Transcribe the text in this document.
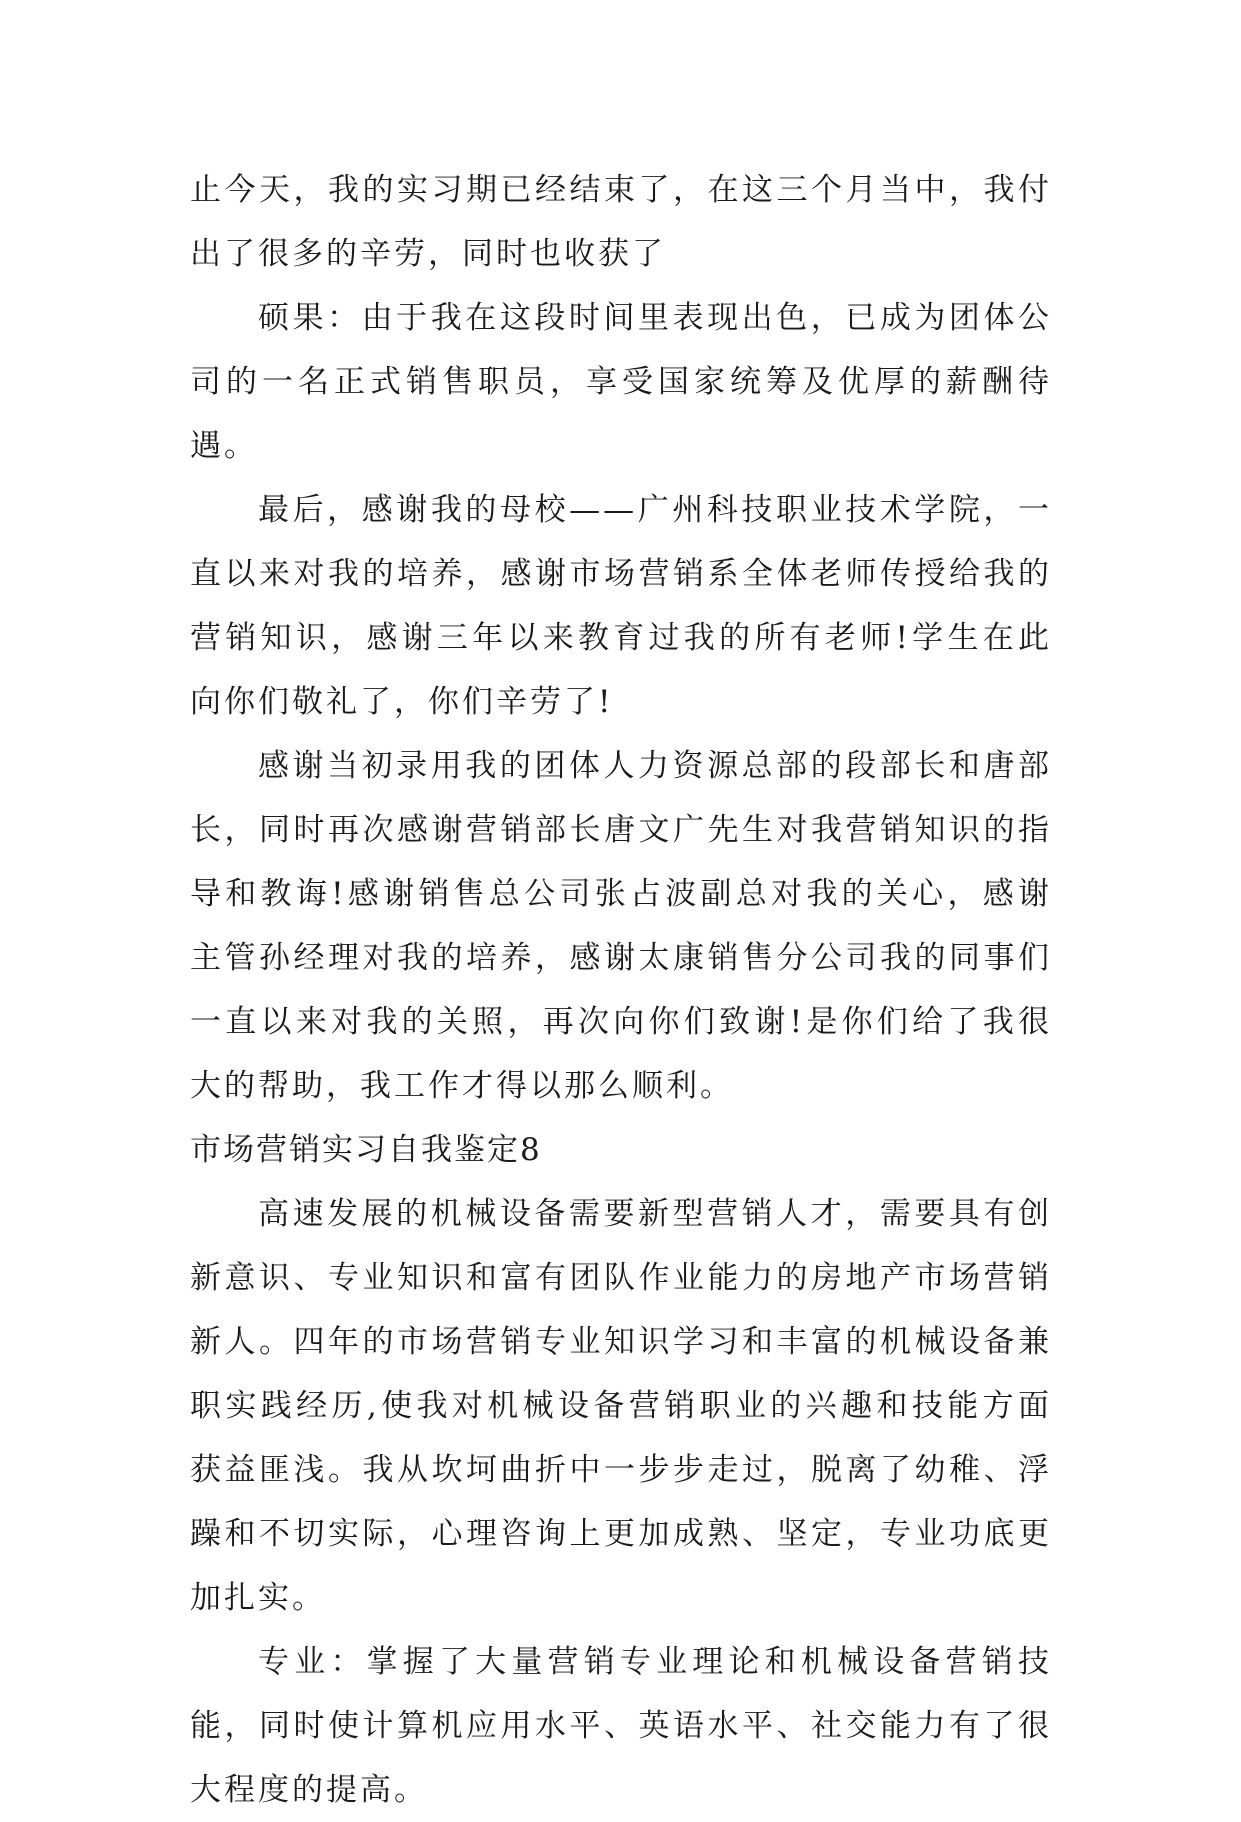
止今天，我的实习期已经结束了，在这三个月当中，我付出了很多的辛劳，同时也收获了

硕果：由于我在这段时间里表现出色，已成为团体公司的一名正式销售职员，享受国家统筹及优厚的薪酬待遇。

最后，感谢我的母校——广州科技职业技术学院，一直以来对我的培养，感谢市场营销系全体老师传授给我的营销知识，感谢三年以来教育过我的所有老师!学生在此向你们敬礼了，你们辛劳了!

感谢当初录用我的团体人力资源总部的段部长和唐部长，同时再次感谢营销部长唐文广先生对我营销知识的指导和教诲!感谢销售总公司张占波副总对我的关心，感谢主管孙经理对我的培养，感谢太康销售分公司我的同事们一直以来对我的关照，再次向你们致谢!是你们给了我很大的帮助，我工作才得以那么顺利。

市场营销实习自我鉴定8

高速发展的机械设备需要新型营销人才，需要具有创新意识、专业知识和富有团队作业能力的房地产市场营销新人。四年的市场营销专业知识学习和丰富的机械设备兼职实践经历,使我对机械设备营销职业的兴趣和技能方面获益匪浅。我从坎坷曲折中一步步走过，脱离了幼稚、浮躁和不切实际，心理咨询上更加成熟、坚定，专业功底更加扎实。

专业：掌握了大量营销专业理论和机械设备营销技能，同时使计算机应用水平、英语水平、社交能力有了很大程度的提高。
